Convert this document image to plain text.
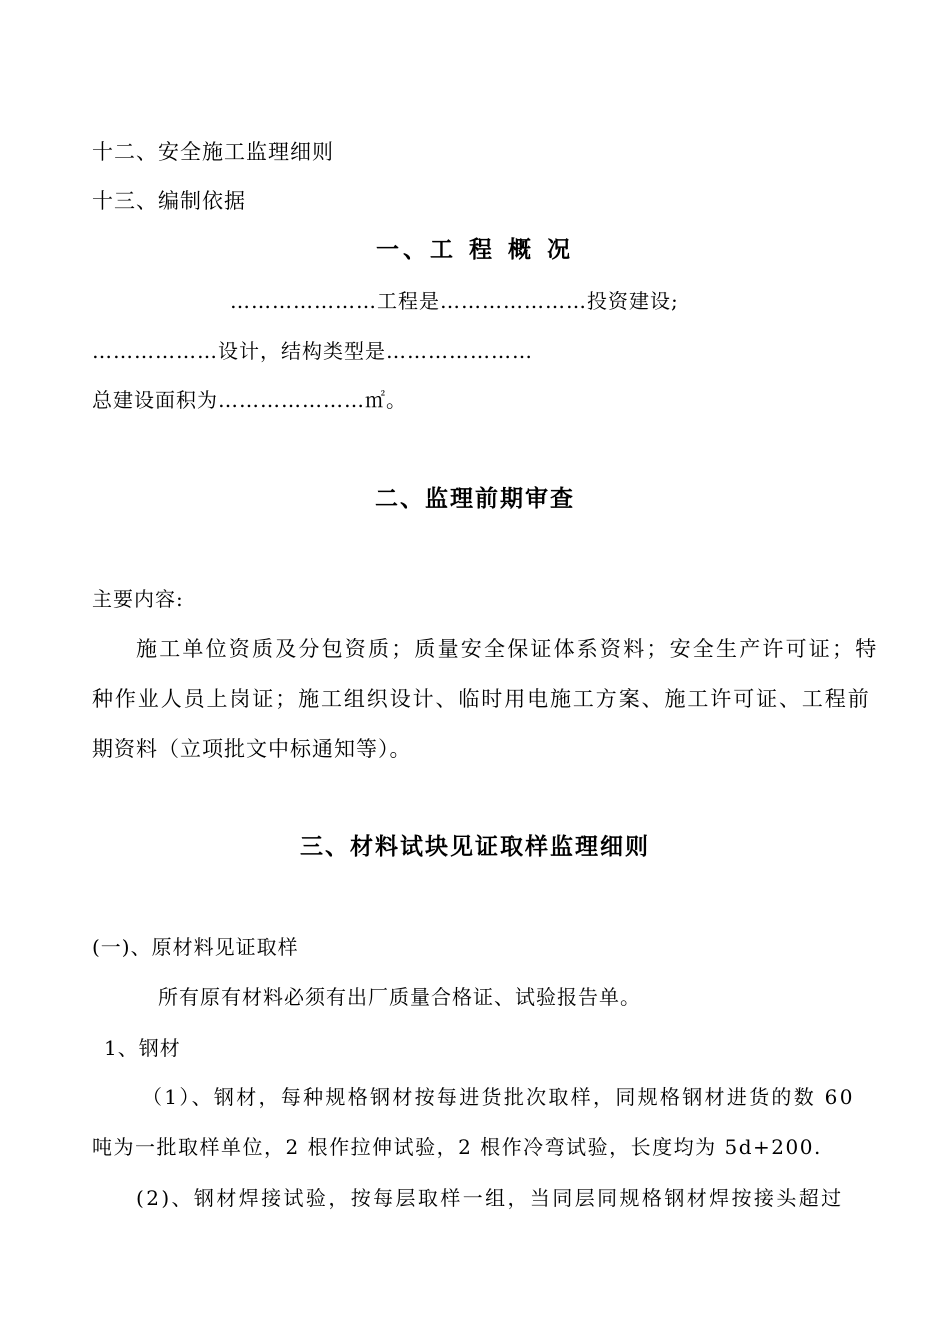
十二、安全施工监理细则
十三、编制依据
一、工 程 概 况
…………………工程是…………………投资建设;
………………设计，结构类型是…………………
总建设面积为…………………㎡。
二、监理前期审查
主要内容:
施工单位资质及分包资质；质量安全保证体系资料；安全生产许可证；特
种作业人员上岗证；施工组织设计、临时用电施工方案、施工许可证、工程前
期资料（立项批文中标通知等）。
三、材料试块见证取样监理细则
(一)、原材料见证取样
所有原有材料必须有出厂质量合格证、试验报告单。
1、钢材
（1）、钢材，每种规格钢材按每进货批次取样，同规格钢材进货的数 60
吨为一批取样单位，2 根作拉伸试验，2 根作冷弯试验，长度均为 5d+200.
(2)、钢材焊接试验，按每层取样一组，当同层同规格钢材焊按接头超过
